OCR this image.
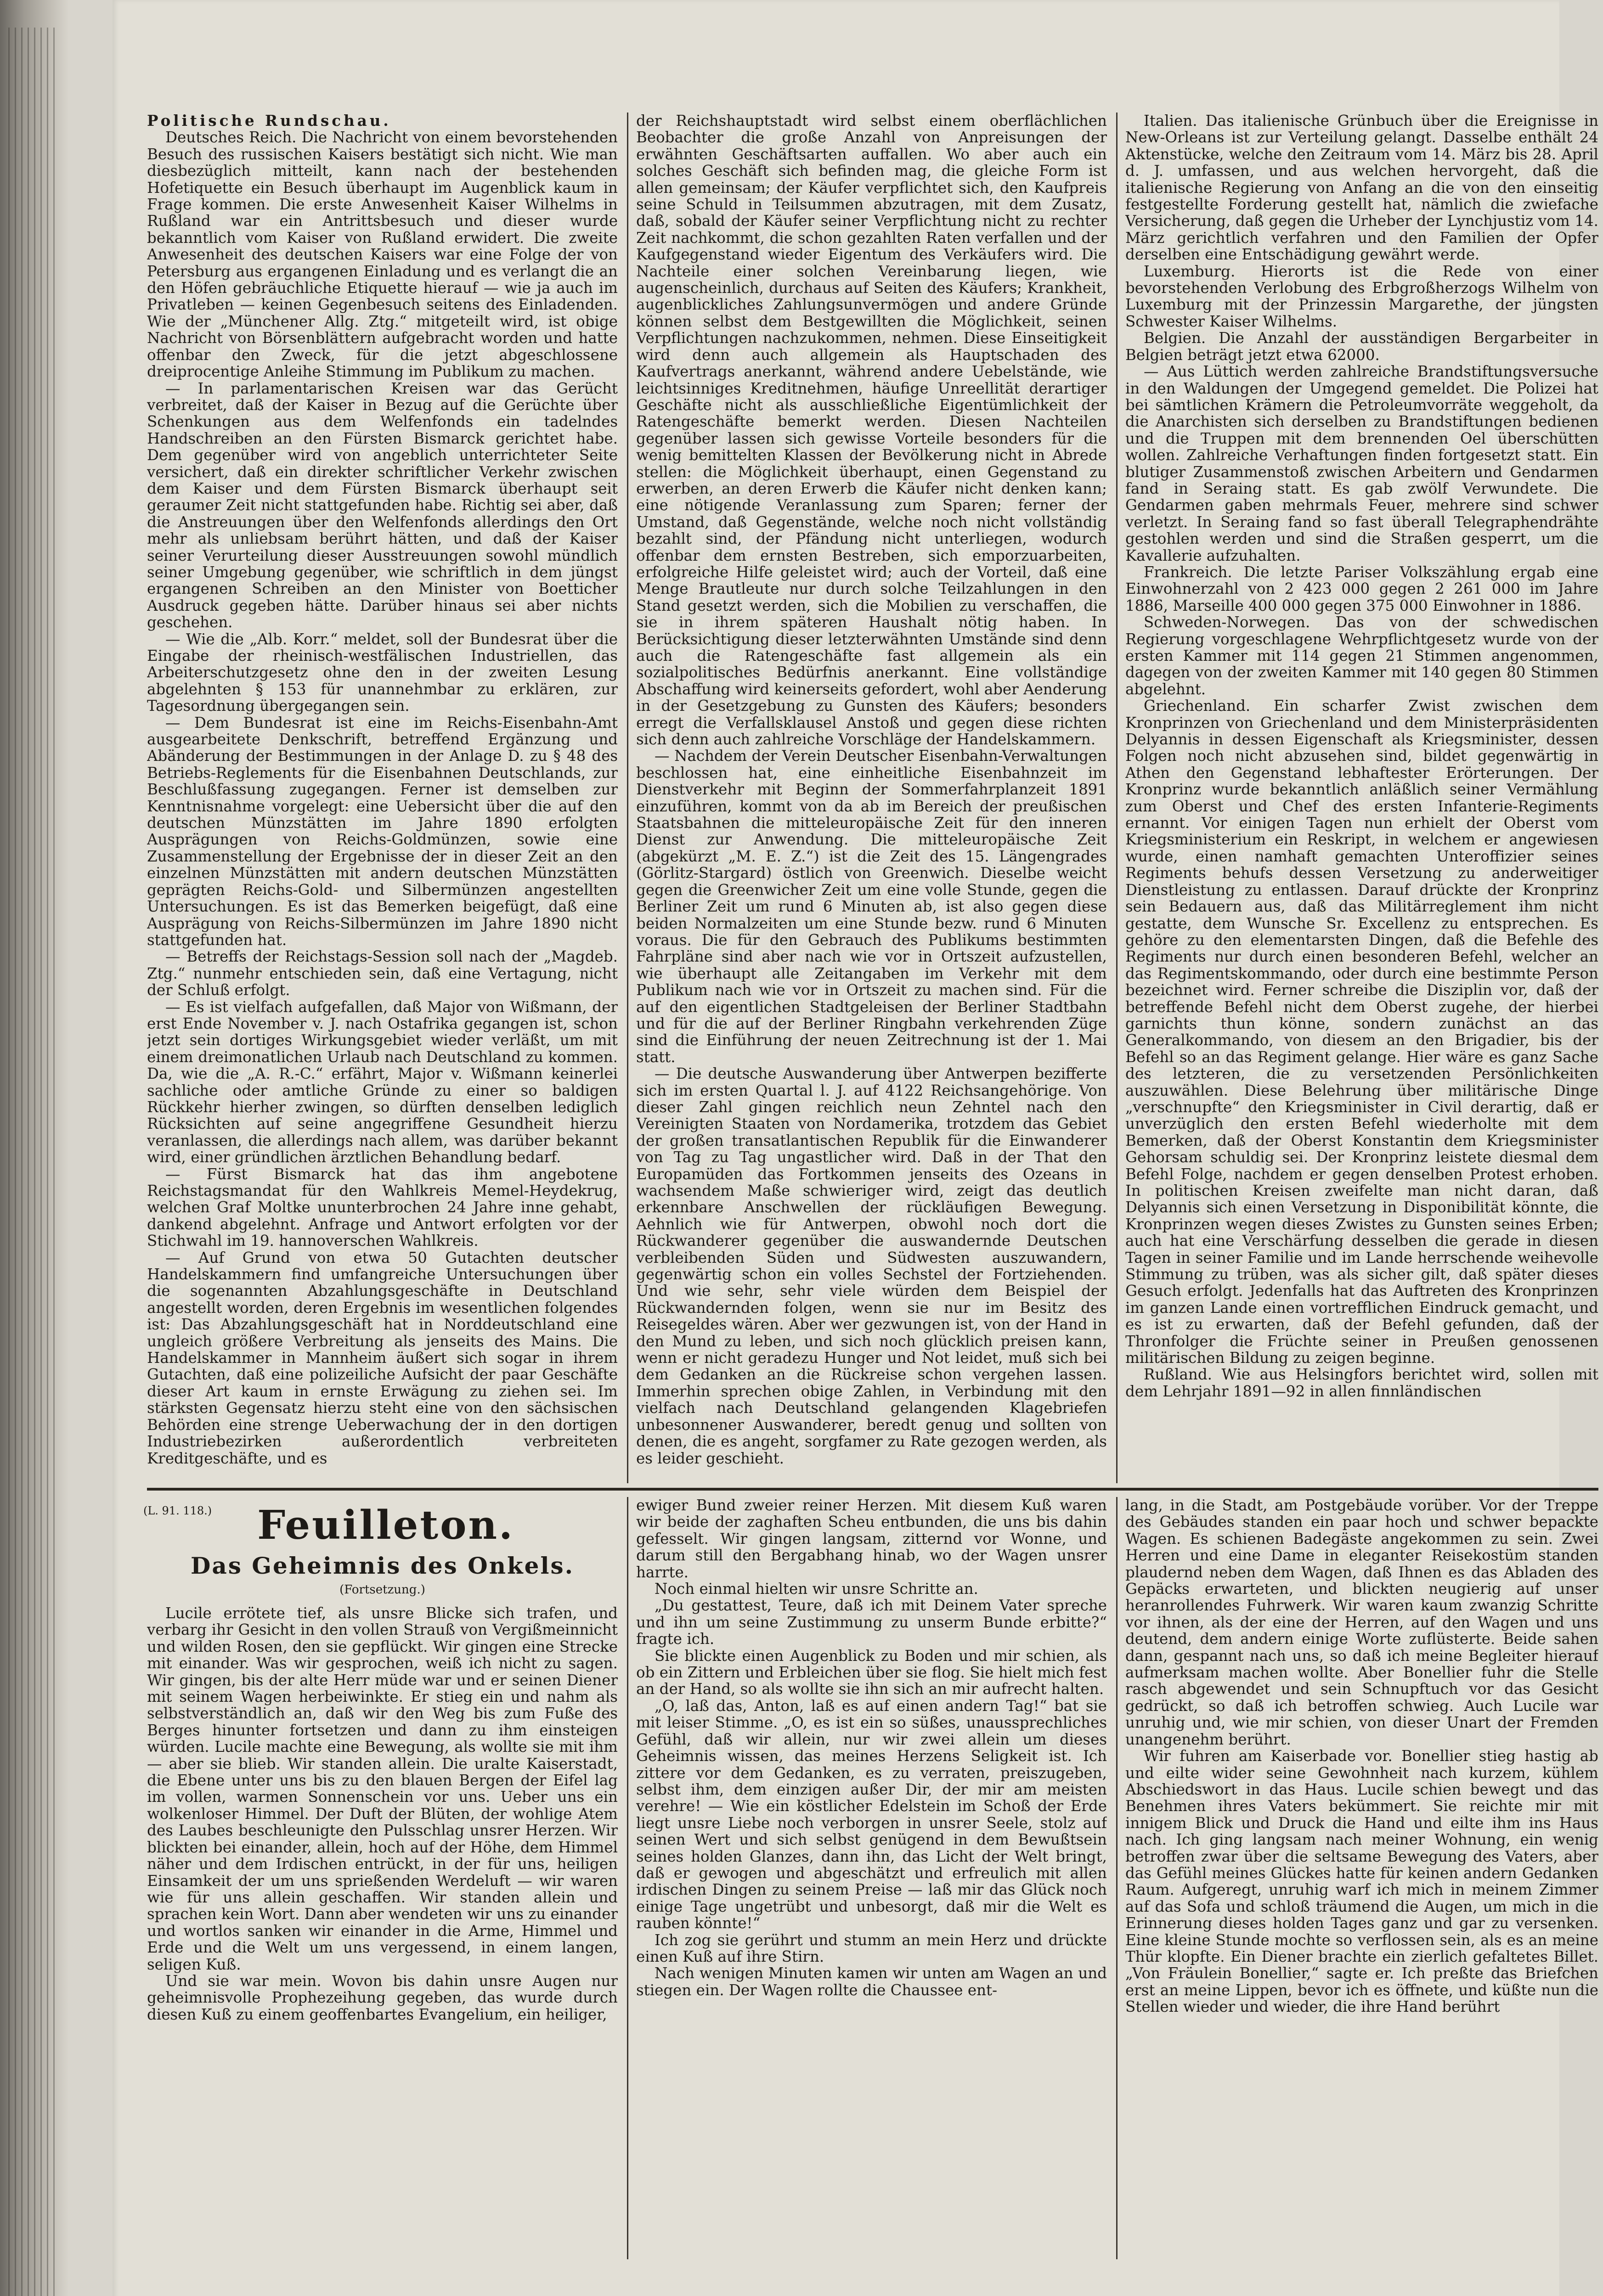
Politische Rundschau.

Deutsches Reich. Die Nachricht von einem bevorstehenden Besuch des russischen Kaisers bestätigt sich nicht. Wie man diesbezüglich mitteilt, kann nach der bestehenden Hofetiquette ein Besuch überhaupt im Augenblick kaum in Frage kommen. Die erste Anwesenheit Kaiser Wilhelms in Rußland war ein Antrittsbesuch und dieser wurde bekanntlich vom Kaiser von Rußland erwidert. Die zweite Anwesenheit des deutschen Kaisers war eine Folge der von Petersburg aus ergangenen Einladung und es verlangt die an den Höfen gebräuchliche Etiquette hierauf — wie ja auch im Privatleben — keinen Gegenbesuch seitens des Einladenden. Wie der „Münchener Allg. Ztg.“ mitgeteilt wird, ist obige Nachricht von Börsenblättern aufgebracht worden und hatte offenbar den Zweck, für die jetzt abgeschlossene dreiprocentige Anleihe Stimmung im Publikum zu machen.

— In parlamentarischen Kreisen war das Gerücht verbreitet, daß der Kaiser in Bezug auf die Gerüchte über Schenkungen aus dem Welfenfonds ein tadelndes Handschreiben an den Fürsten Bismarck gerichtet habe. Dem gegenüber wird von angeblich unterrichteter Seite versichert, daß ein direkter schriftlicher Verkehr zwischen dem Kaiser und dem Fürsten Bismarck überhaupt seit geraumer Zeit nicht stattgefunden habe. Richtig sei aber, daß die Anstreuungen über den Welfenfonds allerdings den Ort mehr als unliebsam berührt hätten, und daß der Kaiser seiner Verurteilung dieser Ausstreuungen sowohl mündlich seiner Umgebung gegenüber, wie schriftlich in dem jüngst ergangenen Schreiben an den Minister von Boetticher Ausdruck gegeben hätte. Darüber hinaus sei aber nichts geschehen.

— Wie die „Alb. Korr.“ meldet, soll der Bundesrat über die Eingabe der rheinisch-westfälischen Industriellen, das Arbeiterschutzgesetz ohne den in der zweiten Lesung abgelehnten § 153 für unannehmbar zu erklären, zur Tagesordnung übergegangen sein.

— Dem Bundesrat ist eine im Reichs-Eisenbahn-Amt ausgearbeitete Denkschrift, betreffend Ergänzung und Abänderung der Bestimmungen in der Anlage D. zu § 48 des Betriebs-Reglements für die Eisenbahnen Deutschlands, zur Beschlußfassung zugegangen. Ferner ist demselben zur Kenntnisnahme vorgelegt: eine Uebersicht über die auf den deutschen Münzstätten im Jahre 1890 erfolgten Ausprägungen von Reichs-Goldmünzen, sowie eine Zusammenstellung der Ergebnisse der in dieser Zeit an den einzelnen Münzstätten mit andern deutschen Münzstätten geprägten Reichs-Gold- und Silbermünzen angestellten Untersuchungen. Es ist das Bemerken beigefügt, daß eine Ausprägung von Reichs-Silbermünzen im Jahre 1890 nicht stattgefunden hat.

— Betreffs der Reichstags-Session soll nach der „Magdeb. Ztg.“ nunmehr entschieden sein, daß eine Vertagung, nicht der Schluß erfolgt.

— Es ist vielfach aufgefallen, daß Major von Wißmann, der erst Ende November v. J. nach Ostafrika gegangen ist, schon jetzt sein dortiges Wirkungsgebiet wieder verläßt, um mit einem dreimonatlichen Urlaub nach Deutschland zu kommen. Da, wie die „A. R.-C.“ erfährt, Major v. Wißmann keinerlei sachliche oder amtliche Gründe zu einer so baldigen Rückkehr hierher zwingen, so dürften denselben lediglich Rücksichten auf seine angegriffene Gesundheit hierzu veranlassen, die allerdings nach allem, was darüber bekannt wird, einer gründlichen ärztlichen Behandlung bedarf.

— Fürst Bismarck hat das ihm angebotene Reichstagsmandat für den Wahlkreis Memel-Heydekrug, welchen Graf Moltke ununterbrochen 24 Jahre inne gehabt, dankend abgelehnt. Anfrage und Antwort erfolgten vor der Stichwahl im 19. hannoverschen Wahlkreis.

— Auf Grund von etwa 50 Gutachten deutscher Handelskammern find umfangreiche Untersuchungen über die sogenannten Abzahlungsgeschäfte in Deutschland angestellt worden, deren Ergebnis im wesentlichen folgendes ist: Das Abzahlungsgeschäft hat in Norddeutschland eine ungleich größere Verbreitung als jenseits des Mains. Die Handelskammer in Mannheim äußert sich sogar in ihrem Gutachten, daß eine polizeiliche Aufsicht der paar Geschäfte dieser Art kaum in ernste Erwägung zu ziehen sei. Im stärksten Gegensatz hierzu steht eine von den sächsischen Behörden eine strenge Ueberwachung der in den dortigen Industriebezirken außerordentlich verbreiteten Kreditgeschäfte, und es

der Reichshauptstadt wird selbst einem oberflächlichen Beobachter die große Anzahl von Anpreisungen der erwähnten Geschäftsarten auffallen. Wo aber auch ein solches Geschäft sich befinden mag, die gleiche Form ist allen gemeinsam; der Käufer verpflichtet sich, den Kaufpreis seine Schuld in Teilsummen abzutragen, mit dem Zusatz, daß, sobald der Käufer seiner Verpflichtung nicht zu rechter Zeit nachkommt, die schon gezahlten Raten verfallen und der Kaufgegenstand wieder Eigentum des Verkäufers wird. Die Nachteile einer solchen Vereinbarung liegen, wie augenscheinlich, durchaus auf Seiten des Käufers; Krankheit, augenblickliches Zahlungsunvermögen und andere Gründe können selbst dem Bestgewillten die Möglichkeit, seinen Verpflichtungen nachzukommen, nehmen. Diese Einseitigkeit wird denn auch allgemein als Hauptschaden des Kaufvertrags anerkannt, während andere Uebelstände, wie leichtsinniges Kreditnehmen, häufige Unreellität derartiger Geschäfte nicht als ausschließliche Eigentümlichkeit der Ratengeschäfte bemerkt werden. Diesen Nachteilen gegenüber lassen sich gewisse Vorteile besonders für die wenig bemittelten Klassen der Bevölkerung nicht in Abrede stellen: die Möglichkeit überhaupt, einen Gegenstand zu erwerben, an deren Erwerb die Käufer nicht denken kann; eine nötigende Veranlassung zum Sparen; ferner der Umstand, daß Gegenstände, welche noch nicht vollständig bezahlt sind, der Pfändung nicht unterliegen, wodurch offenbar dem ernsten Bestreben, sich emporzuarbeiten, erfolgreiche Hilfe geleistet wird; auch der Vorteil, daß eine Menge Brautleute nur durch solche Teilzahlungen in den Stand gesetzt werden, sich die Mobilien zu verschaffen, die sie in ihrem späteren Haushalt nötig haben. In Berücksichtigung dieser letzterwähnten Umstände sind denn auch die Ratengeschäfte fast allgemein als ein sozialpolitisches Bedürfnis anerkannt. Eine vollständige Abschaffung wird keinerseits gefordert, wohl aber Aenderung in der Gesetzgebung zu Gunsten des Käufers; besonders erregt die Verfallsklausel Anstoß und gegen diese richten sich denn auch zahlreiche Vorschläge der Handelskammern.

— Nachdem der Verein Deutscher Eisenbahn-Verwaltungen beschlossen hat, eine einheitliche Eisenbahnzeit im Dienstverkehr mit Beginn der Sommerfahrplanzeit 1891 einzuführen, kommt von da ab im Bereich der preußischen Staatsbahnen die mitteleuropäische Zeit für den inneren Dienst zur Anwendung. Die mitteleuropäische Zeit (abgekürzt „M. E. Z.“) ist die Zeit des 15. Längengrades (Görlitz-Stargard) östlich von Greenwich. Dieselbe weicht gegen die Greenwicher Zeit um eine volle Stunde, gegen die Berliner Zeit um rund 6 Minuten ab, ist also gegen diese beiden Normalzeiten um eine Stunde bezw. rund 6 Minuten voraus. Die für den Gebrauch des Publikums bestimmten Fahrpläne sind aber nach wie vor in Ortszeit aufzustellen, wie überhaupt alle Zeitangaben im Verkehr mit dem Publikum nach wie vor in Ortszeit zu machen sind. Für die auf den eigentlichen Stadtgeleisen der Berliner Stadtbahn und für die auf der Berliner Ringbahn verkehrenden Züge sind die Einführung der neuen Zeitrechnung ist der 1. Mai statt.

— Die deutsche Auswanderung über Antwerpen bezifferte sich im ersten Quartal l. J. auf 4122 Reichsangehörige. Von dieser Zahl gingen reichlich neun Zehntel nach den Vereinigten Staaten von Nordamerika, trotzdem das Gebiet der großen transatlantischen Republik für die Einwanderer von Tag zu Tag ungastlicher wird. Daß in der That den Europamüden das Fortkommen jenseits des Ozeans in wachsendem Maße schwieriger wird, zeigt das deutlich erkennbare Anschwellen der rückläufigen Bewegung. Aehnlich wie für Antwerpen, obwohl noch dort die Rückwanderer gegenüber die auswandernde Deutschen verbleibenden Süden und Südwesten auszuwandern, gegenwärtig schon ein volles Sechstel der Fortziehenden. Und wie sehr, sehr viele würden dem Beispiel der Rückwandernden folgen, wenn sie nur im Besitz des Reisegeldes wären. Aber wer gezwungen ist, von der Hand in den Mund zu leben, und sich noch glücklich preisen kann, wenn er nicht geradezu Hunger und Not leidet, muß sich bei dem Gedanken an die Rückreise schon vergehen lassen. Immerhin sprechen obige Zahlen, in Verbindung mit den vielfach nach Deutschland gelangenden Klagebriefen unbesonnener Auswanderer, beredt genug und sollten von denen, die es angeht, sorgfamer zu Rate gezogen werden, als es leider geschieht.

Italien. Das italienische Grünbuch über die Ereignisse in New-Orleans ist zur Verteilung gelangt. Dasselbe enthält 24 Aktenstücke, welche den Zeitraum vom 14. März bis 28. April d. J. umfassen, und aus welchen hervorgeht, daß die italienische Regierung von Anfang an die von den einseitig festgestellte Forderung gestellt hat, nämlich die zwiefache Versicherung, daß gegen die Urheber der Lynchjustiz vom 14. März gerichtlich verfahren und den Familien der Opfer derselben eine Entschädigung gewährt werde.

Luxemburg. Hierorts ist die Rede von einer bevorstehenden Verlobung des Erbgroßherzogs Wilhelm von Luxemburg mit der Prinzessin Margarethe, der jüngsten Schwester Kaiser Wilhelms.

Belgien. Die Anzahl der ausständigen Bergarbeiter in Belgien beträgt jetzt etwa 62000.

— Aus Lüttich werden zahlreiche Brandstiftungsversuche in den Waldungen der Umgegend gemeldet. Die Polizei hat bei sämtlichen Krämern die Petroleumvorräte weggeholt, da die Anarchisten sich derselben zu Brandstiftungen bedienen und die Truppen mit dem brennenden Oel überschütten wollen. Zahlreiche Verhaftungen finden fortgesetzt statt. Ein blutiger Zusammenstoß zwischen Arbeitern und Gendarmen fand in Seraing statt. Es gab zwölf Verwundete. Die Gendarmen gaben mehrmals Feuer, mehrere sind schwer verletzt. In Seraing fand so fast überall Telegraphendrähte gestohlen werden und sind die Straßen gesperrt, um die Kavallerie aufzuhalten.

Frankreich. Die letzte Pariser Volkszählung ergab eine Einwohnerzahl von 2 423 000 gegen 2 261 000 im Jahre 1886, Marseille 400 000 gegen 375 000 Einwohner in 1886.

Schweden-Norwegen. Das von der schwedischen Regierung vorgeschlagene Wehrpflichtgesetz wurde von der ersten Kammer mit 114 gegen 21 Stimmen angenommen, dagegen von der zweiten Kammer mit 140 gegen 80 Stimmen abgelehnt.

Griechenland. Ein scharfer Zwist zwischen dem Kronprinzen von Griechenland und dem Ministerpräsidenten Delyannis in dessen Eigenschaft als Kriegsminister, dessen Folgen noch nicht abzusehen sind, bildet gegenwärtig in Athen den Gegenstand lebhaftester Erörterungen. Der Kronprinz wurde bekanntlich anläßlich seiner Vermählung zum Oberst und Chef des ersten Infanterie-Regiments ernannt. Vor einigen Tagen nun erhielt der Oberst vom Kriegsministerium ein Reskript, in welchem er angewiesen wurde, einen namhaft gemachten Unteroffizier seines Regiments behufs dessen Versetzung zu anderweitiger Dienstleistung zu entlassen. Darauf drückte der Kronprinz sein Bedauern aus, daß das Militärreglement ihm nicht gestatte, dem Wunsche Sr. Excellenz zu entsprechen. Es gehöre zu den elementarsten Dingen, daß die Befehle des Regiments nur durch einen besonderen Befehl, welcher an das Regimentskommando, oder durch eine bestimmte Person bezeichnet wird. Ferner schreibe die Disziplin vor, daß der betreffende Befehl nicht dem Oberst zugehe, der hierbei garnichts thun könne, sondern zunächst an das Generalkommando, von diesem an den Brigadier, bis der Befehl so an das Regiment gelange. Hier wäre es ganz Sache des letzteren, die zu versetzenden Persönlichkeiten auszuwählen. Diese Belehrung über militärische Dinge „verschnupfte“ den Kriegsminister in Civil derartig, daß er unverzüglich den ersten Befehl wiederholte mit dem Bemerken, daß der Oberst Konstantin dem Kriegsminister Gehorsam schuldig sei. Der Kronprinz leistete diesmal dem Befehl Folge, nachdem er gegen denselben Protest erhoben. In politischen Kreisen zweifelte man nicht daran, daß Delyannis sich einen Versetzung in Disponibilität könnte, die Kronprinzen wegen dieses Zwistes zu Gunsten seines Erben; auch hat eine Verschärfung desselben die gerade in diesen Tagen in seiner Familie und im Lande herrschende weihevolle Stimmung zu trüben, was als sicher gilt, daß später dieses Gesuch erfolgt. Jedenfalls hat das Auftreten des Kronprinzen im ganzen Lande einen vortrefflichen Eindruck gemacht, und es ist zu erwarten, daß der Befehl gefunden, daß der Thronfolger die Früchte seiner in Preußen genossenen militärischen Bildung zu zeigen beginne.

Rußland. Wie aus Helsingfors berichtet wird, sollen mit dem Lehrjahr 1891—92 in allen finnländischen

(L. 91. 118.) Feuilleton.
Das Geheimnis des Onkels.
(Fortsetzung.)

Lucile errötete tief, als unsre Blicke sich trafen, und verbarg ihr Gesicht in den vollen Strauß von Vergißmeinnicht und wilden Rosen, den sie gepflückt. Wir gingen eine Strecke mit einander. Was wir gesprochen, weiß ich nicht zu sagen. Wir gingen, bis der alte Herr müde war und er seinen Diener mit seinem Wagen herbeiwinkte. Er stieg ein und nahm als selbstverständlich an, daß wir den Weg bis zum Fuße des Berges hinunter fortsetzen und dann zu ihm einsteigen würden. Lucile machte eine Bewegung, als wollte sie mit ihm — aber sie blieb. Wir standen allein. Die uralte Kaiserstadt, die Ebene unter uns bis zu den blauen Bergen der Eifel lag im vollen, warmen Sonnenschein vor uns. Ueber uns ein wolkenloser Himmel. Der Duft der Blüten, der wohlige Atem des Laubes beschleunigte den Pulsschlag unsrer Herzen. Wir blickten bei einander, allein, hoch auf der Höhe, dem Himmel näher und dem Irdischen entrückt, in der für uns, heiligen Einsamkeit der um uns sprießenden Werdeluft — wir waren wie für uns allein geschaffen. Wir standen allein und sprachen kein Wort. Dann aber wendeten wir uns zu einander und wortlos sanken wir einander in die Arme, Himmel und Erde und die Welt um uns vergessend, in einem langen, seligen Kuß.

Und sie war mein. Wovon bis dahin unsre Augen nur geheimnisvolle Prophezeihung gegeben, das wurde durch diesen Kuß zu einem geoffenbartes Evangelium, ein heiliger,

ewiger Bund zweier reiner Herzen. Mit diesem Kuß waren wir beide der zaghaften Scheu entbunden, die uns bis dahin gefesselt. Wir gingen langsam, zitternd vor Wonne, und darum still den Bergabhang hinab, wo der Wagen unsrer harrte.

Noch einmal hielten wir unsre Schritte an.

„Du gestattest, Teure, daß ich mit Deinem Vater spreche und ihn um seine Zustimmung zu unserm Bunde erbitte?“ fragte ich.

Sie blickte einen Augenblick zu Boden und mir schien, als ob ein Zittern und Erbleichen über sie flog. Sie hielt mich fest an der Hand, so als wollte sie ihn sich an mir aufrecht halten.

„O, laß das, Anton, laß es auf einen andern Tag!“ bat sie mit leiser Stimme. „O, es ist ein so süßes, unaussprechliches Gefühl, daß wir allein, nur wir zwei allein um dieses Geheimnis wissen, das meines Herzens Seligkeit ist. Ich zittere vor dem Gedanken, es zu verraten, preiszugeben, selbst ihm, dem einzigen außer Dir, der mir am meisten verehre! — Wie ein köstlicher Edelstein im Schoß der Erde liegt unsre Liebe noch verborgen in unsrer Seele, stolz auf seinen Wert und sich selbst genügend in dem Bewußtsein seines holden Glanzes, dann ihn, das Licht der Welt bringt, daß er gewogen und abgeschätzt und erfreulich mit allen irdischen Dingen zu seinem Preise — laß mir das Glück noch einige Tage ungetrübt und unbesorgt, daß mir die Welt es rauben könnte!“

Ich zog sie gerührt und stumm an mein Herz und drückte einen Kuß auf ihre Stirn.

Nach wenigen Minuten kamen wir unten am Wagen an und stiegen ein. Der Wagen rollte die Chaussee ent-

lang, in die Stadt, am Postgebäude vorüber. Vor der Treppe des Gebäudes standen ein paar hoch und schwer bepackte Wagen. Es schienen Badegäste angekommen zu sein. Zwei Herren und eine Dame in eleganter Reisekostüm standen plaudernd neben dem Wagen, daß Ihnen es das Abladen des Gepäcks erwarteten, und blickten neugierig auf unser heranrollendes Fuhrwerk. Wir waren kaum zwanzig Schritte vor ihnen, als der eine der Herren, auf den Wagen und uns deutend, dem andern einige Worte zuflüsterte. Beide sahen dann, gespannt nach uns, so daß ich meine Begleiter hierauf aufmerksam machen wollte. Aber Bonellier fuhr die Stelle rasch abgewendet und sein Schnupftuch vor das Gesicht gedrückt, so daß ich betroffen schwieg. Auch Lucile war unruhig und, wie mir schien, von dieser Unart der Fremden unangenehm berührt.

Wir fuhren am Kaiserbade vor. Bonellier stieg hastig ab und eilte wider seine Gewohnheit nach kurzem, kühlem Abschiedswort in das Haus. Lucile schien bewegt und das Benehmen ihres Vaters bekümmert. Sie reichte mir mit innigem Blick und Druck die Hand und eilte ihm ins Haus nach. Ich ging langsam nach meiner Wohnung, ein wenig betroffen zwar über die seltsame Bewegung des Vaters, aber das Gefühl meines Glückes hatte für keinen andern Gedanken Raum. Aufgeregt, unruhig warf ich mich in meinem Zimmer auf das Sofa und schloß träumend die Augen, um mich in die Erinnerung dieses holden Tages ganz und gar zu versenken. Eine kleine Stunde mochte so verflossen sein, als es an meine Thür klopfte. Ein Diener brachte ein zierlich gefaltetes Billet. „Von Fräulein Bonellier,“ sagte er. Ich preßte das Briefchen erst an meine Lippen, bevor ich es öffnete, und küßte nun die Stellen wieder und wieder, die ihre Hand berührt
